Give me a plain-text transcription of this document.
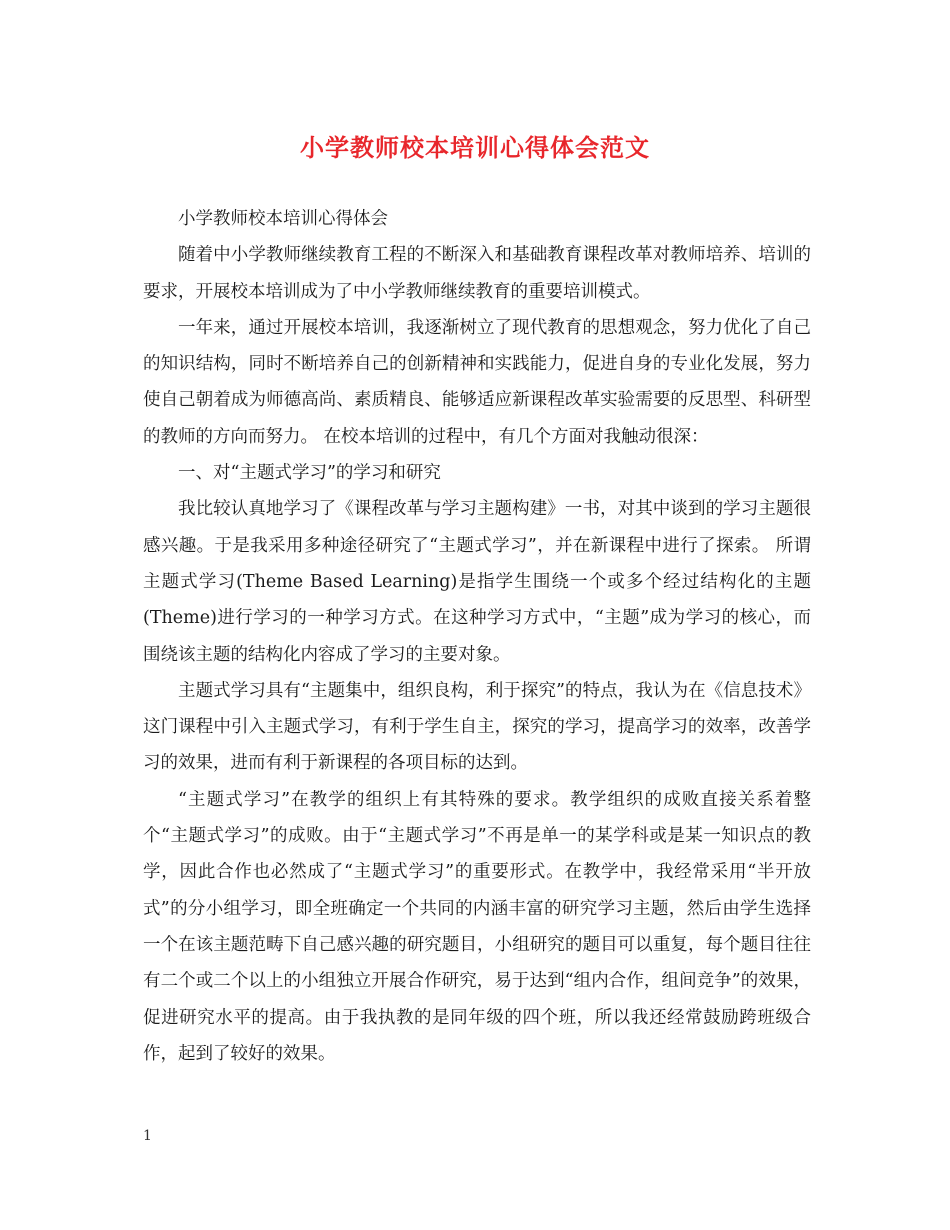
小学教师校本培训心得体会范文

小学教师校本培训心得体会

随着中小学教师继续教育工程的不断深入和基础教育课程改革对教师培养、培训的要求，开展校本培训成为了中小学教师继续教育的重要培训模式。

一年来，通过开展校本培训，我逐渐树立了现代教育的思想观念，努力优化了自己的知识结构，同时不断培养自己的创新精神和实践能力，促进自身的专业化发展，努力使自己朝着成为师德高尚、素质精良、能够适应新课程改革实验需要的反思型、科研型的教师的方向而努力。 在校本培训的过程中，有几个方面对我触动很深：

一、对“主题式学习”的学习和研究

我比较认真地学习了《课程改革与学习主题构建》一书，对其中谈到的学习主题很感兴趣。于是我采用多种途径研究了“主题式学习”，并在新课程中进行了探索。 所谓主题式学习(Theme Based Learning)是指学生围绕一个或多个经过结构化的主题(Theme)进行学习的一种学习方式。在这种学习方式中，“主题”成为学习的核心，而围绕该主题的结构化内容成了学习的主要对象。

主题式学习具有“主题集中，组织良构，利于探究”的特点，我认为在《信息技术》这门课程中引入主题式学习，有利于学生自主，探究的学习，提高学习的效率，改善学习的效果，进而有利于新课程的各项目标的达到。

“主题式学习”在教学的组织上有其特殊的要求。教学组织的成败直接关系着整个“主题式学习”的成败。由于“主题式学习”不再是单一的某学科或是某一知识点的教学，因此合作也必然成了“主题式学习”的重要形式。在教学中，我经常采用“半开放式”的分小组学习，即全班确定一个共同的内涵丰富的研究学习主题，然后由学生选择一个在该主题范畴下自己感兴趣的研究题目，小组研究的题目可以重复，每个题目往往有二个或二个以上的小组独立开展合作研究，易于达到“组内合作，组间竞争”的效果，促进研究水平的提高。由于我执教的是同年级的四个班，所以我还经常鼓励跨班级合作，起到了较好的效果。

1
